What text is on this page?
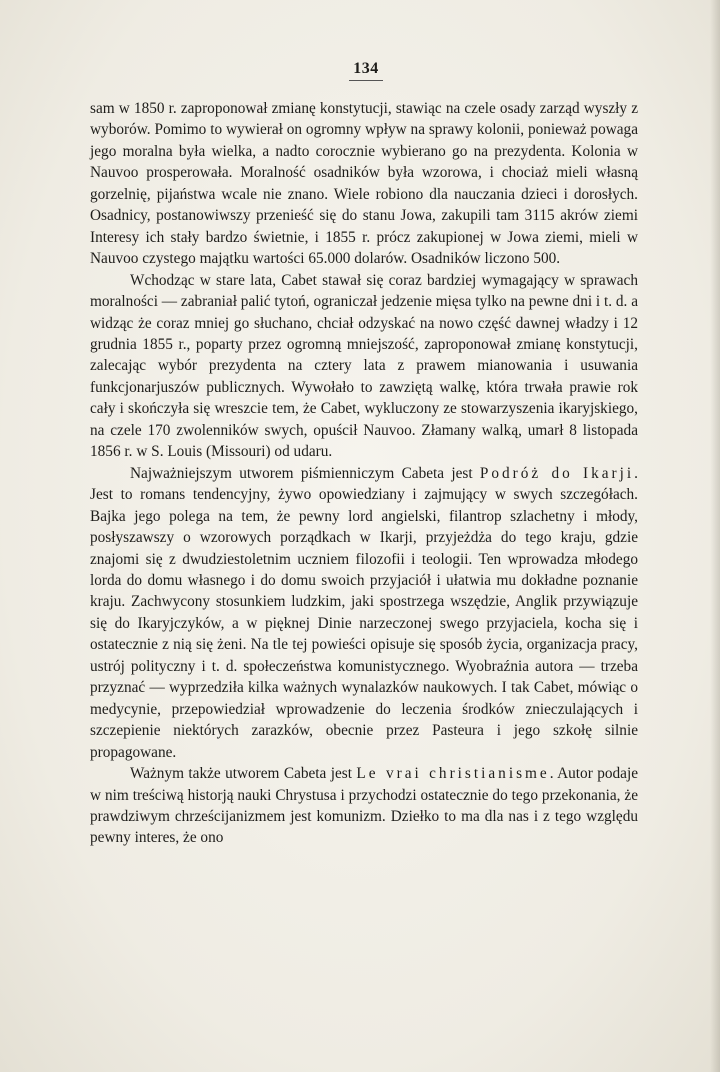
134

sam w 1850 r. zaproponował zmianę konstytucji, stawiąc na czele osady zarząd wyszły z wyborów. Pomimo to wywierał on ogromny wpływ na sprawy kolonii, ponieważ powaga jego moralna była wielka, a nadto corocznie wybierano go na prezydenta. Kolonia w Nauvoo prosperowała. Moralność osadników była wzorowa, i chociaż mieli własną gorzelnię, pijaństwa wcale nie znano. Wiele robiono dla nauczania dzieci i dorosłych. Osadnicy, postanowiwszy przenieść się do stanu Jowa, zakupili tam 3115 akrów ziemi Interesy ich stały bardzo świetnie, i 1855 r. prócz zakupionej w Jowa ziemi, mieli w Nauvoo czystego majątku wartości 65.000 dolarów. Osadników liczono 500.

Wchodząc w stare lata, Cabet stawał się coraz bardziej wymagający w sprawach moralności — zabraniał palić tytoń, ograniczał jedzenie mięsa tylko na pewne dni i t. d. a widząc że coraz mniej go słuchano, chciał odzyskać na nowo część dawnej władzy i 12 grudnia 1855 r., poparty przez ogromną mniejszość, zaproponował zmianę konstytucji, zalecając wybór prezydenta na cztery lata z prawem mianowania i usuwania funkcjonarjuszów publicznych. Wywołało to zawziętą walkę, która trwała prawie rok cały i skończyła się wreszcie tem, że Cabet, wykluczony ze stowarzyszenia ikaryjskiego, na czele 170 zwolenników swych, opuścił Nauvoo. Złamany walką, umarł 8 listopada 1856 r. w S. Louis (Missouri) od udaru.

Najważniejszym utworem piśmienniczym Cabeta jest Podróż do Ikarji. Jest to romans tendencyjny, żywo opowiedziany i zajmujący w swych szczegółach. Bajka jego polega na tem, że pewny lord angielski, filantrop szlachetny i młody, posłyszawszy o wzorowych porządkach w Ikarji, przyjeżdża do tego kraju, gdzie znajomi się z dwudziestoletnim uczniem filozofii i teologii. Ten wprowadza młodego lorda do domu własnego i do domu swoich przyjaciół i ułatwia mu dokładne poznanie kraju. Zachwycony stosunkiem ludzkim, jaki spostrzega wszędzie, Anglik przywiązuje się do Ikaryjczyków, a w pięknej Dinie narzeczonej swego przyjaciela, kocha się i ostatecznie z nią się żeni. Na tle tej powieści opisuje się sposób życia, organizacja pracy, ustrój polityczny i t. d. społeczeństwa komunistycznego. Wyobraźnia autora — trzeba przyznać — wyprzedziła kilka ważnych wynalazków naukowych. I tak Cabet, mówiąc o medycynie, przepowiedział wprowadzenie do leczenia środków znieczulających i szczepienie niektórych zarazków, obecnie przez Pasteura i jego szkołę silnie propagowane.

Ważnym także utworem Cabeta jest Le vrai christianisme. Autor podaje w nim treściwą historją nauki Chrystusa i przychodzi ostatecznie do tego przekonania, że prawdziwym chrześcijanizmem jest komunizm. Dziełko to ma dla nas i z tego względu pewny interes, że ono
